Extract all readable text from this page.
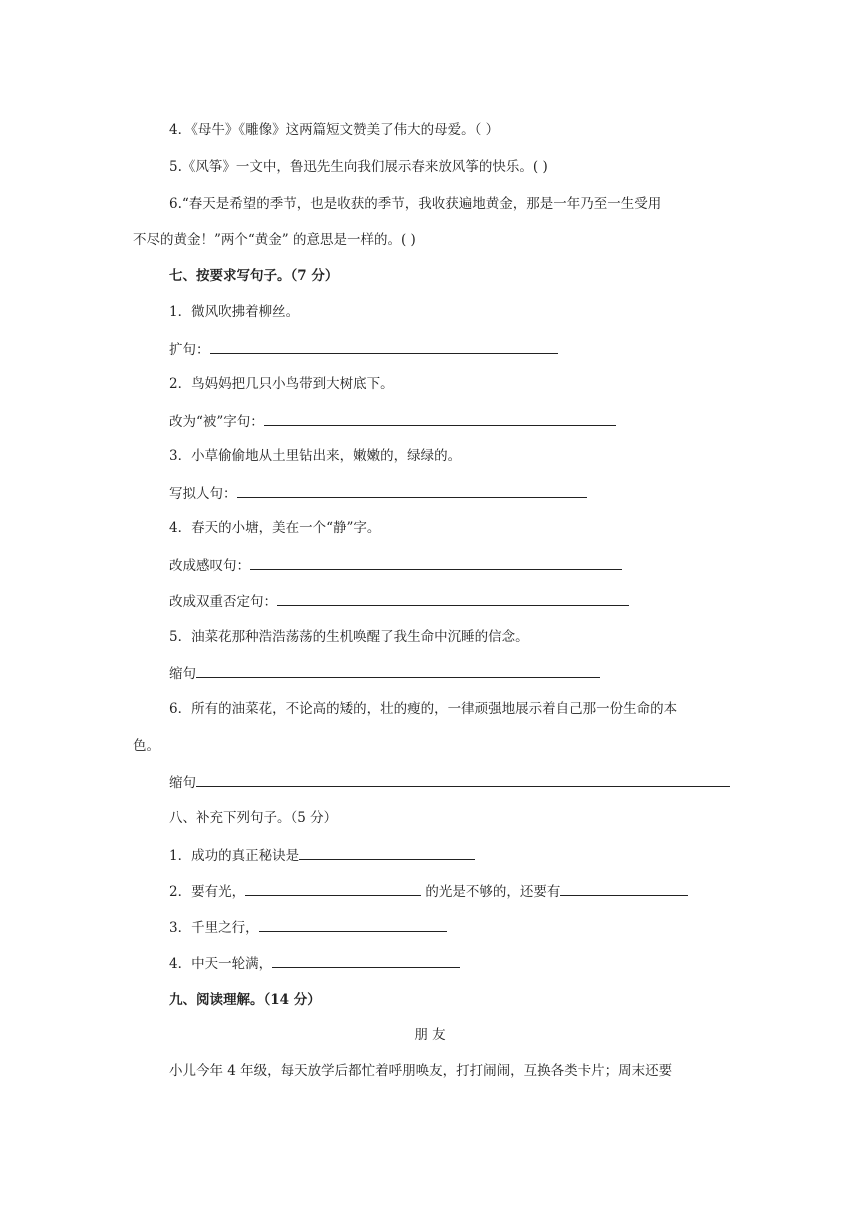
4．《母牛》《雕像》这两篇短文赞美了伟大的母爱。（ ）
5.《风筝》一文中，鲁迅先生向我们展示春来放风筝的快乐。( )
6.“春天是希望的季节，也是收获的季节，我收获遍地黄金，那是一年乃至一生受用
不尽的黄金！”两个“黄金” 的意思是一样的。( )
七、按要求写句子。（7 分）
1．微风吹拂着柳丝。
扩句：
2．鸟妈妈把几只小鸟带到大树底下。
改为“被”字句：
3．小草偷偷地从土里钻出来，嫩嫩的，绿绿的。
写拟人句：
4．春天的小塘，美在一个“静”字。
改成感叹句：
改成双重否定句：
5．油菜花那种浩浩荡荡的生机唤醒了我生命中沉睡的信念。
缩句
6．所有的油菜花，不论高的矮的，壮的瘦的，一律顽强地展示着自己那一份生命的本
色。
缩句
八、补充下列句子。（5 分）
1．成功的真正秘诀是
2．要有光，	的光是不够的，还要有
3．千里之行，
4．中天一轮满，
九、阅读理解。（14 分）
朋 友
小儿今年 4 年级，每天放学后都忙着呼朋唤友，打打闹闹，互换各类卡片；周末还要
